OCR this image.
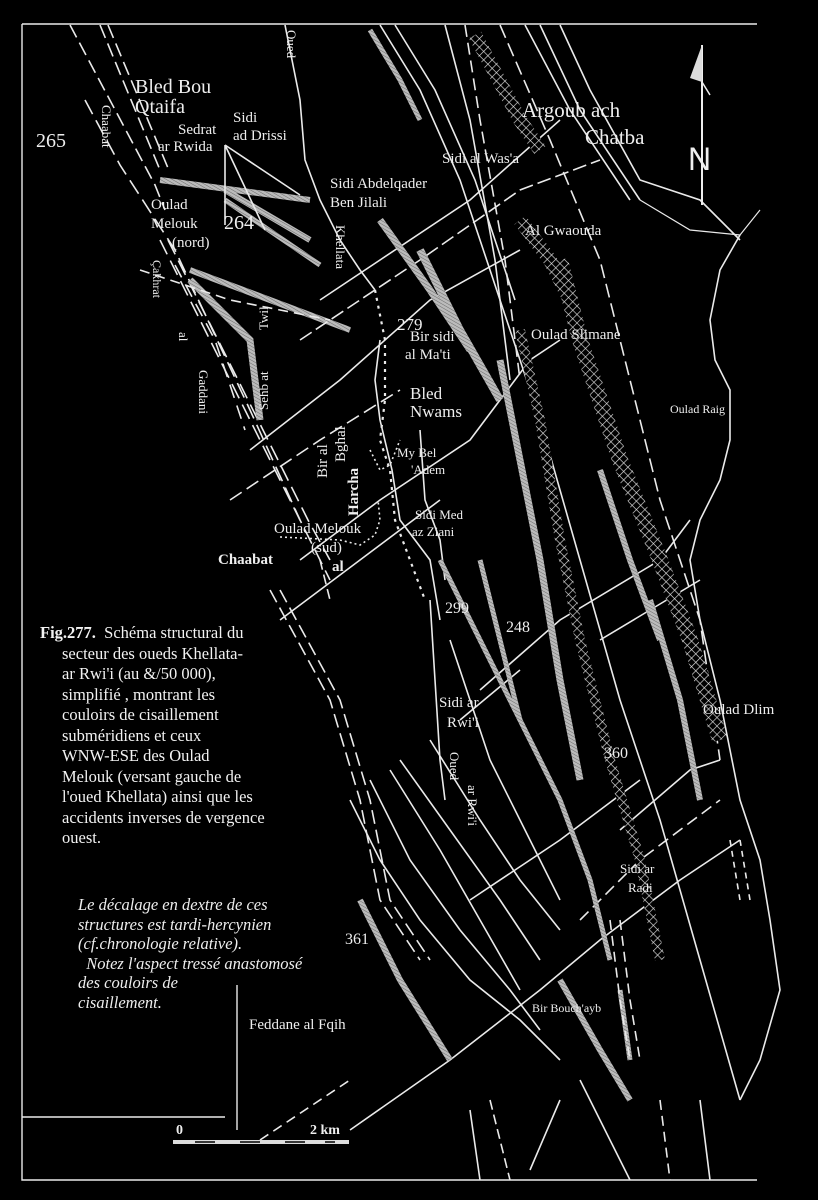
N
Bled Bou
Qtaifa	Sidi
ad Drissi
Sedrat
ar Rwida
Argoub ach
Chatba
Sidi al Was'a
Sidi Abdelqader
Ben Jilali
Oulad
Melouk
(nord)
Al Gwaouda
Bir sidi
al Ma'ti
Oulad Slimane
Bled
Nwams	Oulad Raig
My Bel
'Adem
Bir al Bghal
Oulad Melouk
(sud)
Sidi Med
az Ziani
Chaabat	al
Sidi ar
Rwi'i
Oulad Dlim
Sidi ar
Radi
Bir Bouch'ayb
Feddane al Fqih
Oued
Khellata
Chaabat
Çakhrat
al
Gaddani	Sehb at
Twil
Harcha
Oued
ar Rwi'i
265
264
279
299
248
360
361
0	2 km

Fig.277. Schéma structural du

secteur des oueds Khellata-

ar Rwi'i (au &/50 000),

simplifié , montrant les

couloirs de cisaillement

subméridiens et ceux

WNW-ESE des Oulad

Melouk (versant gauche de

l'oued Khellata) ainsi que les

accidents inverses de vergence

ouest.

Le décalage en dextre de ces

structures est tardi-hercynien

(cf.chronologie relative).

Notez l'aspect tressé anastomosé

des couloirs de

cisaillement.
